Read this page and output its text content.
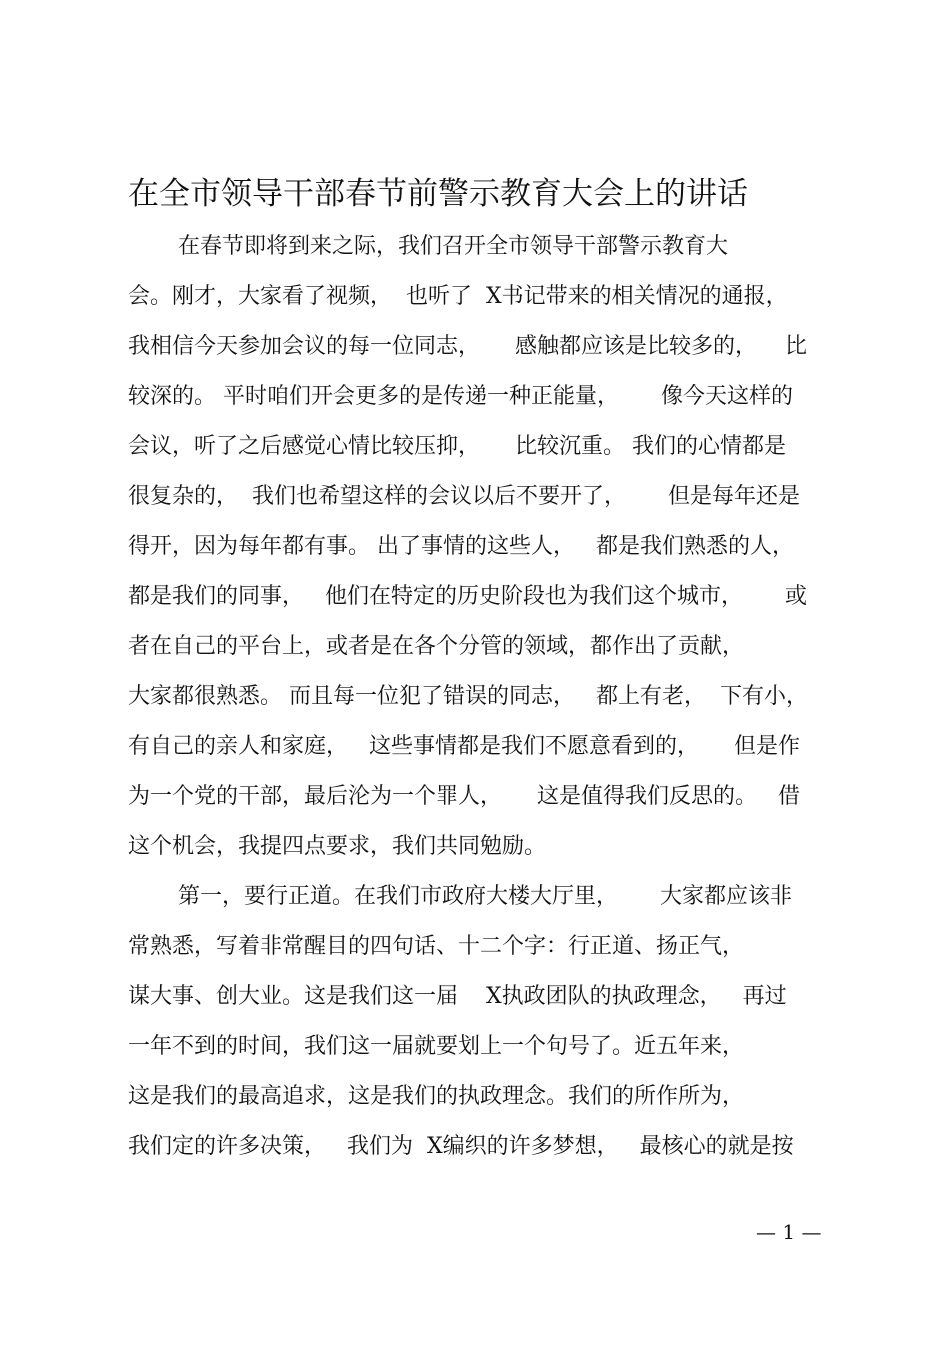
在全市领导干部春节前警示教育大会上的讲话
在春节即将到来之际，我们召开全市领导干部警示教育大
会。刚才，大家看了视频，  也听了  X书记带来的相关情况的通报，
我相信今天参加会议的每一位同志，     感触都应该是比较多的，    比
较深的。 平时咱们开会更多的是传递一种正能量，      像今天这样的
会议，听了之后感觉心情比较压抑，     比较沉重。 我们的心情都是
很复杂的，  我们也希望这样的会议以后不要开了，      但是每年还是
得开，因为每年都有事。 出了事情的这些人，   都是我们熟悉的人，
都是我们的同事，   他们在特定的历史阶段也为我们这个城市，      或
者在自己的平台上，或者是在各个分管的领域，都作出了贡献，
大家都很熟悉。 而且每一位犯了错误的同志，   都上有老，  下有小，
有自己的亲人和家庭，   这些事情都是我们不愿意看到的，     但是作
为一个党的干部，最后沦为一个罪人，     这是值得我们反思的。   借
这个机会，我提四点要求，我们共同勉励。
第一，要行正道。在我们市政府大楼大厅里，      大家都应该非
常熟悉，写着非常醒目的四句话、十二个字：行正道、扬正气，
谋大事、创大业。这是我们这一届    X执政团队的执政理念，   再过
一年不到的时间，我们这一届就要划上一个句号了。近五年来，
这是我们的最高追求，这是我们的执政理念。我们的所作所为，
我们定的许多决策，   我们为  X编织的许多梦想，   最核心的就是按
— 1 —
